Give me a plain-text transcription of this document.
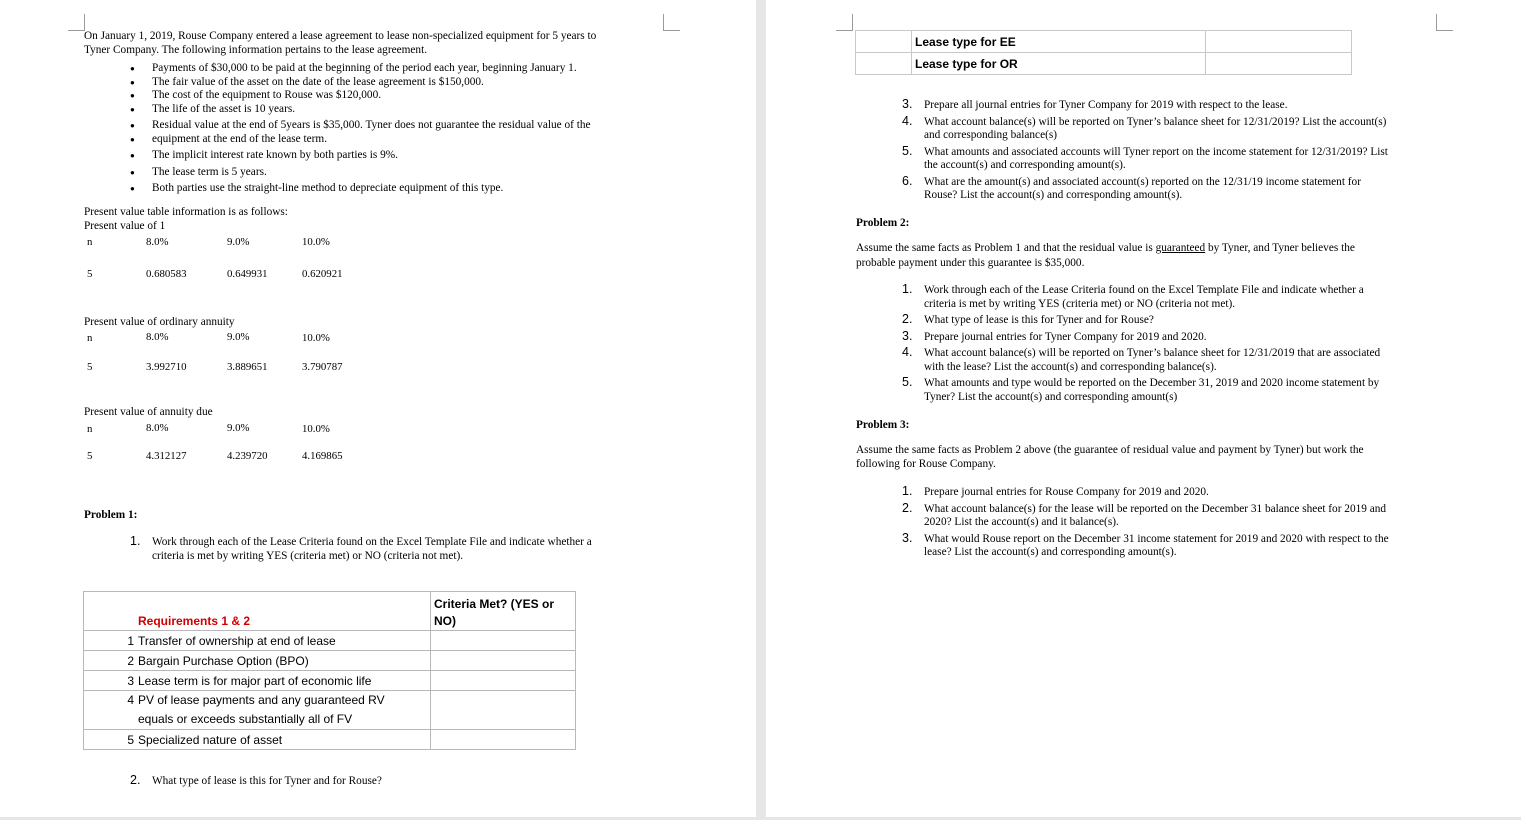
On January 1, 2019, Rouse Company entered a lease agreement to lease non-specialized equipment for 5 years to
Tyner Company. The following information pertains to the lease agreement.
● Payments of $30,000 to be paid at the beginning of the period each year, beginning January 1.
● The fair value of the asset on the date of the lease agreement is $150,000.
● The cost of the equipment to Rouse was $120,000.
● The life of the asset is 10 years.
● Residual value at the end of 5years is $35,000. Tyner does not guarantee the residual value of the
● equipment at the end of the lease term.
● The implicit interest rate known by both parties is 9%.
● The lease term is 5 years.
● Both parties use the straight-line method to depreciate equipment of this type.
Present value table information is as follows:
Present value of 1
n	8.0%	9.0%	10.0%
5	0.680583	0.649931	0.620921
Present value of ordinary annuity
n	8.0%	9.0%	10.0%
5	3.992710	3.889651	3.790787
Present value of annuity due
n	8.0%	9.0%	10.0%
5	4.312127	4.239720	4.169865
Problem 1:
1. Work through each of the Lease Criteria found on the Excel Template File and indicate whether a
criteria is met by writing YES (criteria met) or NO (criteria not met).
	Requirements 1 & 2	Criteria Met? (YES or
NO)
1	Transfer of ownership at end of lease	
2	Bargain Purchase Option (BPO)	
3	Lease term is for major part of economic life	
4	PV of lease payments and any guaranteed RV
equals or exceeds substantially all of FV	
5	Specialized nature of asset	
2. What type of lease is this for Tyner and for Rouse?
	Lease type for EE	
	Lease type for OR	
3. Prepare all journal entries for Tyner Company for 2019 with respect to the lease.
4. What account balance(s) will be reported on Tyner’s balance sheet for 12/31/2019? List the account(s)
and corresponding balance(s)
5. What amounts and associated accounts will Tyner report on the income statement for 12/31/2019? List
the account(s) and corresponding amount(s).
6. What are the amount(s) and associated account(s) reported on the 12/31/19 income statement for
Rouse? List the account(s) and corresponding amount(s).
Problem 2:
Assume the same facts as Problem 1 and that the residual value is guaranteed by Tyner, and Tyner believes the
probable payment under this guarantee is $35,000.
1. Work through each of the Lease Criteria found on the Excel Template File and indicate whether a
criteria is met by writing YES (criteria met) or NO (criteria not met).
2. What type of lease is this for Tyner and for Rouse?
3. Prepare journal entries for Tyner Company for 2019 and 2020.
4. What account balance(s) will be reported on Tyner’s balance sheet for 12/31/2019 that are associated
with the lease? List the account(s) and corresponding balance(s).
5. What amounts and type would be reported on the December 31, 2019 and 2020 income statement by
Tyner? List the account(s) and corresponding amount(s)
Problem 3:
Assume the same facts as Problem 2 above (the guarantee of residual value and payment by Tyner) but work the
following for Rouse Company.
1. Prepare journal entries for Rouse Company for 2019 and 2020.
2. What account balance(s) for the lease will be reported on the December 31 balance sheet for 2019 and
2020? List the account(s) and it balance(s).
3. What would Rouse report on the December 31 income statement for 2019 and 2020 with respect to the
lease? List the account(s) and corresponding amount(s).
